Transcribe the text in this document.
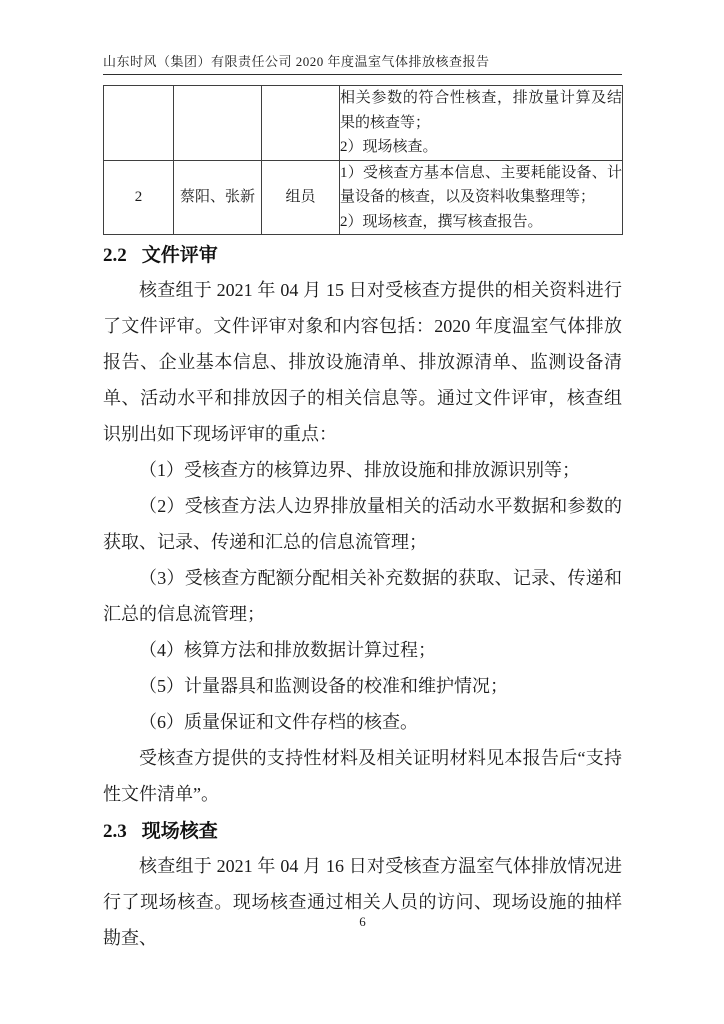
山东时风（集团）有限责任公司 2020 年度温室气体排放核查报告

			相关参数的符合性核查，排放量计算及结果的核查等；
2）现场核查。

2	蔡阳、张新	组员	1）受核查方基本信息、主要耗能设备、计量设备的核查，以及资料收集整理等；
2）现场核查，撰写核查报告。
2.2 文件评审

核查组于 2021 年 04 月 15 日对受核查方提供的相关资料进行了文件评审。文件评审对象和内容包括：2020 年度温室气体排放报告、企业基本信息、排放设施清单、排放源清单、监测设备清单、活动水平和排放因子的相关信息等。通过文件评审，核查组识别出如下现场评审的重点：

（1）受核查方的核算边界、排放设施和排放源识别等；

（2）受核查方法人边界排放量相关的活动水平数据和参数的获取、记录、传递和汇总的信息流管理；

（3）受核查方配额分配相关补充数据的获取、记录、传递和汇总的信息流管理；

（4）核算方法和排放数据计算过程；

（5）计量器具和监测设备的校准和维护情况；

（6）质量保证和文件存档的核查。

受核查方提供的支持性材料及相关证明材料见本报告后“支持性文件清单”。

2.3 现场核查

核查组于 2021 年 04 月 16 日对受核查方温室气体排放情况进行了现场核查。现场核查通过相关人员的访问、现场设施的抽样勘查、

6
